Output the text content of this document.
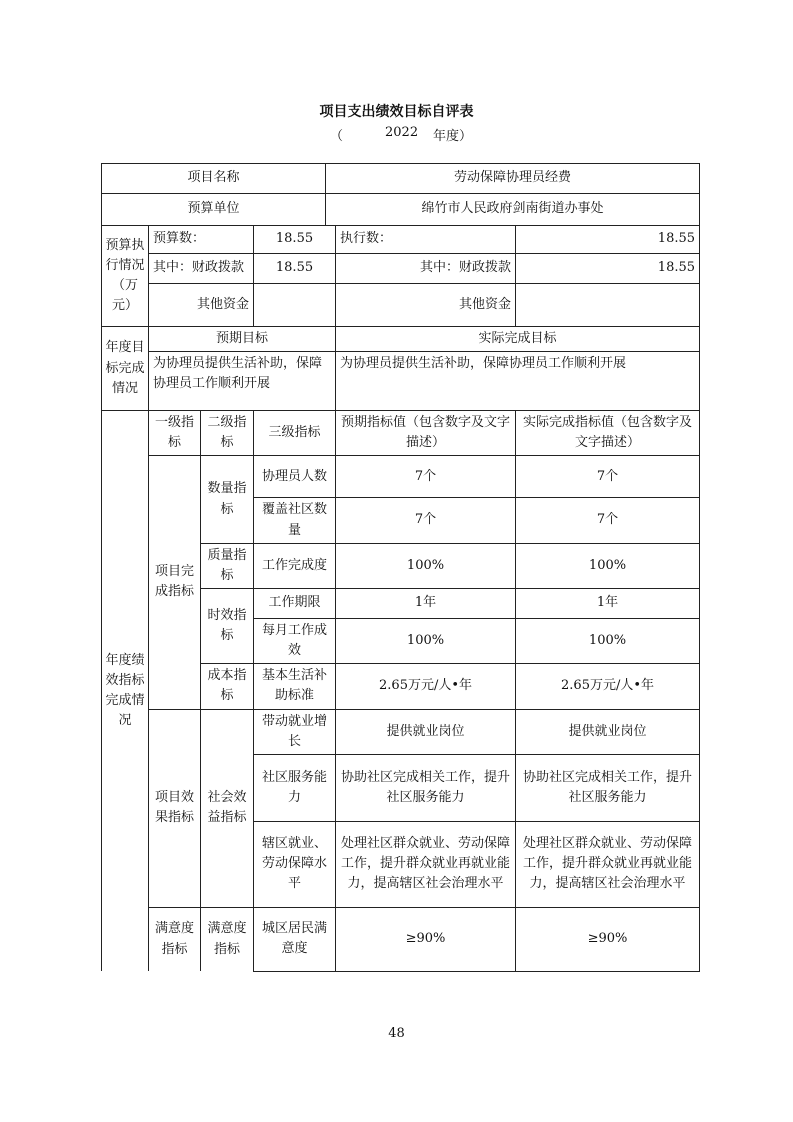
项目支出绩效目标自评表
（	2022 年度）
项目名称				劳动保障协理员经费		
预算单位				绵竹市人民政府剑南街道办事处		
预算执行情况（万元）	预算数：		18.55		执行数：	18.55
	其中：财政拨款		18.55		其中：财政拨款	18.55
	其他资金				其他资金	
年度目标完成情况	预期目标				实际完成目标	
	为协理员提供生活补助，保障协理员工作顺利开展				为协理员提供生活补助，保障协理员工作顺利开展	
年度绩效指标完成情况	一级指标	二级指标	三级指标		预期指标值（包含数字及文字描述）	实际完成指标值（包含数字及文字描述）
	项目完成指标	数量指标	协理员人数		7个	7个
			覆盖社区数量		7个	7个
		质量指标	工作完成度		100%	100%
		时效指标	工作期限		1年	1年
			每月工作成效		100%	100%
		成本指标	基本生活补助标准		2.65万元/人•年	2.65万元/人•年
	项目效果指标	社会效益指标	带动就业增长		提供就业岗位	提供就业岗位
			社区服务能力		协助社区完成相关工作，提升社区服务能力	协助社区完成相关工作，提升社区服务能力
			辖区就业、劳动保障水平		处理社区群众就业、劳动保障工作，提升群众就业再就业能力，提高辖区社会治理水平	处理社区群众就业、劳动保障工作，提升群众就业再就业能力，提高辖区社会治理水平
	满意度指标	满意度指标	城区居民满意度		≥90%	≥90%
48
